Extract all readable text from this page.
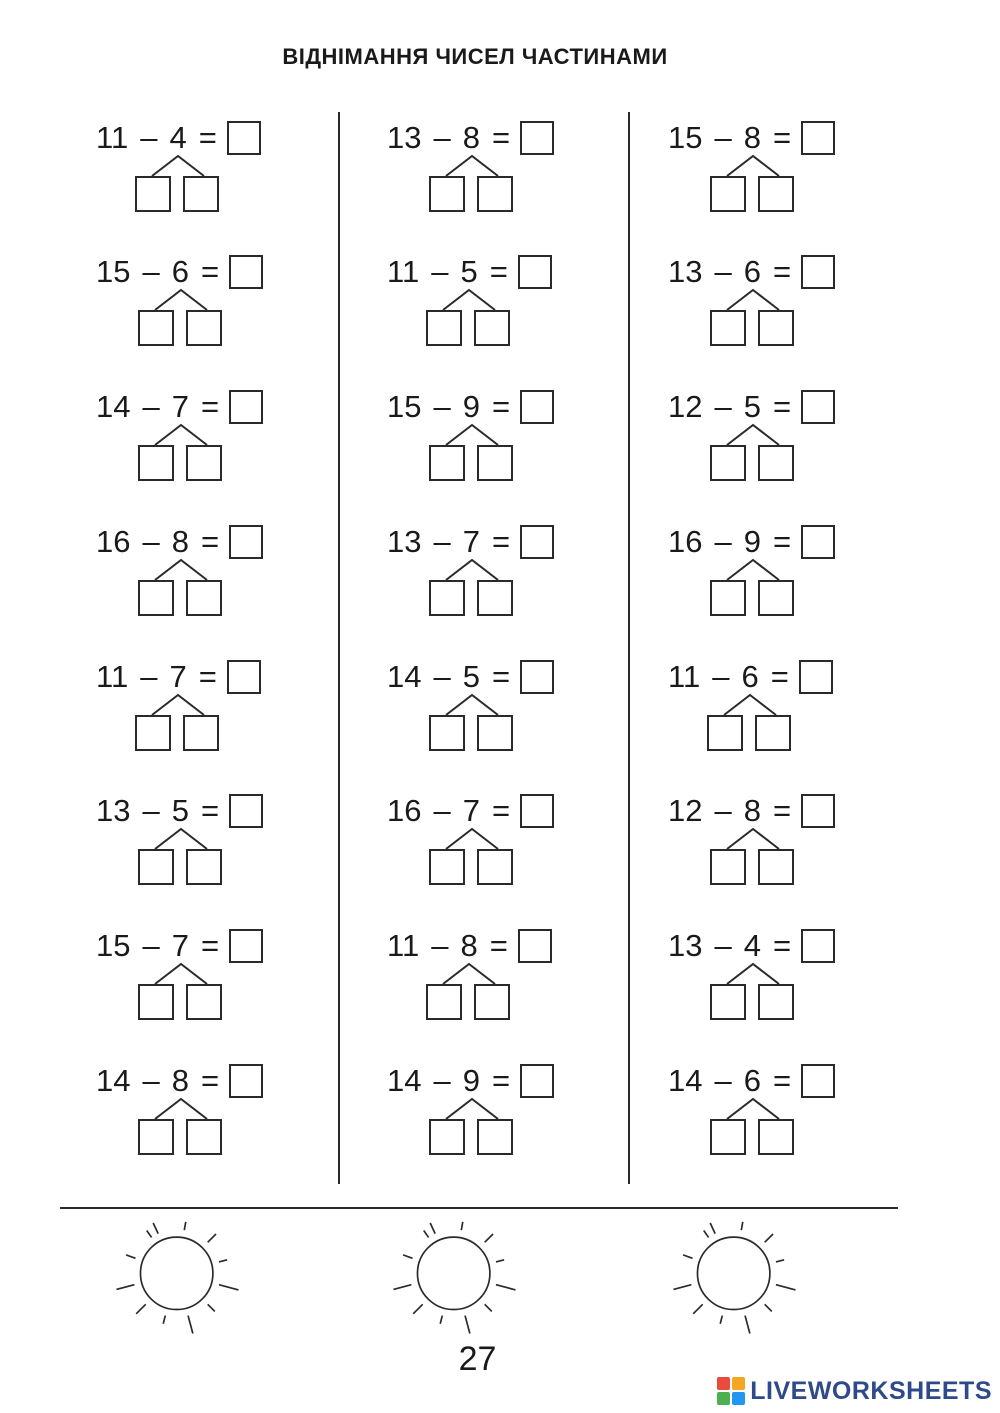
ВІДНІМАННЯ ЧИСЕЛ ЧАСТИНАМИ
11 – 4 =
15 – 6 =
14 – 7 =
16 – 8 =
11 – 7 =
13 – 5 =
15 – 7 =
14 – 8 =
13 – 8 =
11 – 5 =
15 – 9 =
13 – 7 =
14 – 5 =
16 – 7 =
11 – 8 =
14 – 9 =
15 – 8 =
13 – 6 =
12 – 5 =
16 – 9 =
11 – 6 =
12 – 8 =
13 – 4 =
14 – 6 =
27
LIVEWORKSHEETS
